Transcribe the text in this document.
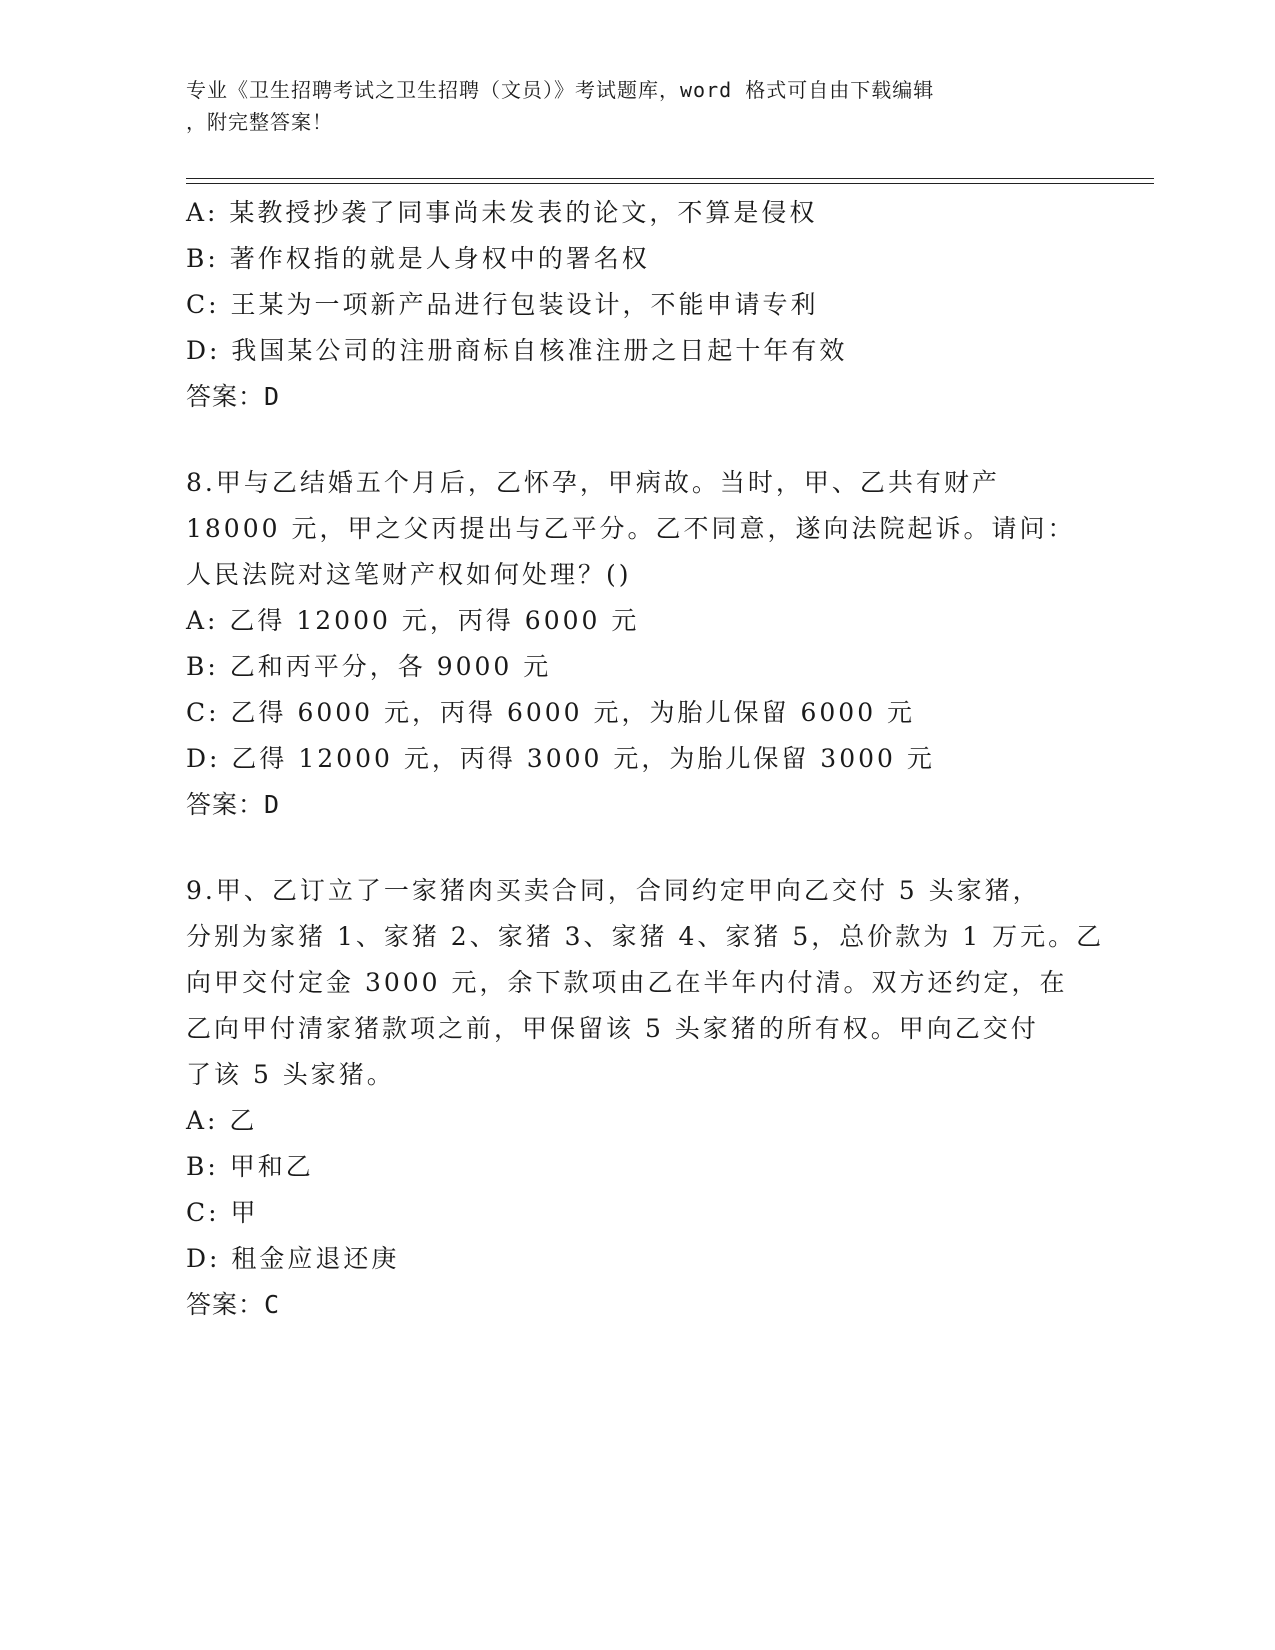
专业《卫生招聘考试之卫生招聘（文员）》考试题库，word 格式可自由下载编辑
，附完整答案！
A: 某教授抄袭了同事尚未发表的论文，不算是侵权
B: 著作权指的就是人身权中的署名权
C: 王某为一项新产品进行包装设计，不能申请专利
D: 我国某公司的注册商标自核准注册之日起十年有效
答案：D
8.甲与乙结婚五个月后，乙怀孕，甲病故。当时，甲、乙共有财产
18000 元，甲之父丙提出与乙平分。乙不同意，遂向法院起诉。请问：
人民法院对这笔财产权如何处理？()
A: 乙得 12000 元，丙得 6000 元
B: 乙和丙平分，各 9000 元
C: 乙得 6000 元，丙得 6000 元，为胎儿保留 6000 元
D: 乙得 12000 元，丙得 3000 元，为胎儿保留 3000 元
答案：D
9.甲、乙订立了一家猪肉买卖合同，合同约定甲向乙交付 5 头家猪，
分别为家猪 1、家猪 2、家猪 3、家猪 4、家猪 5，总价款为 1 万元。乙
向甲交付定金 3000 元，余下款项由乙在半年内付清。双方还约定，在
乙向甲付清家猪款项之前，甲保留该 5 头家猪的所有权。甲向乙交付
了该 5 头家猪。
A: 乙
B: 甲和乙
C: 甲
D: 租金应退还庚
答案：C
